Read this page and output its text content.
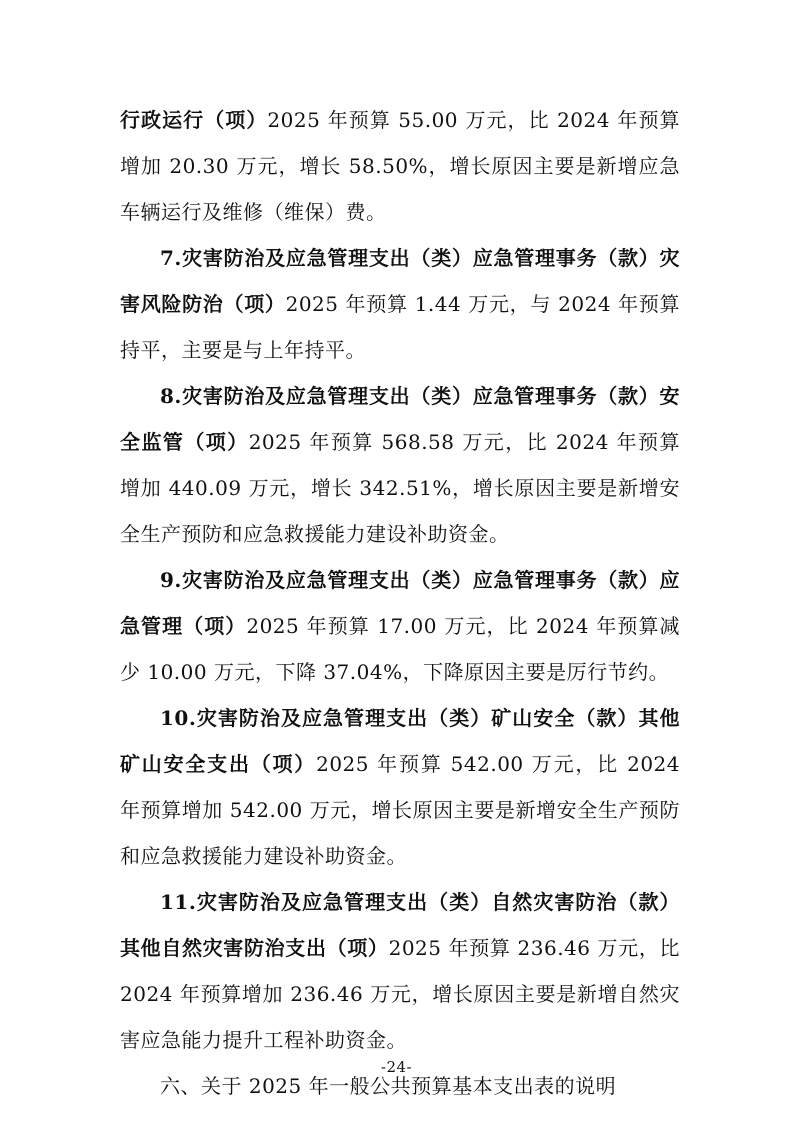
行政运行（项）2025 年预算 55.00 万元，比 2024 年预算增加 20.30 万元，增长 58.50%，增长原因主要是新增应急车辆运行及维修（维保）费。

7.灾害防治及应急管理支出（类）应急管理事务（款）灾害风险防治（项）2025 年预算 1.44 万元，与 2024 年预算持平，主要是与上年持平。

8.灾害防治及应急管理支出（类）应急管理事务（款）安全监管（项）2025 年预算 568.58 万元，比 2024 年预算增加 440.09 万元，增长 342.51%，增长原因主要是新增安全生产预防和应急救援能力建设补助资金。

9.灾害防治及应急管理支出（类）应急管理事务（款）应急管理（项）2025 年预算 17.00 万元，比 2024 年预算减少 10.00 万元，下降 37.04%，下降原因主要是厉行节约。

10.灾害防治及应急管理支出（类）矿山安全（款）其他矿山安全支出（项）2025 年预算 542.00 万元，比 2024 年预算增加 542.00 万元，增长原因主要是新增安全生产预防和应急救援能力建设补助资金。

11.灾害防治及应急管理支出（类）自然灾害防治（款）其他自然灾害防治支出（项）2025 年预算 236.46 万元，比 2024 年预算增加 236.46 万元，增长原因主要是新增自然灾害应急能力提升工程补助资金。

六、关于 2025 年一般公共预算基本支出表的说明

-24-
